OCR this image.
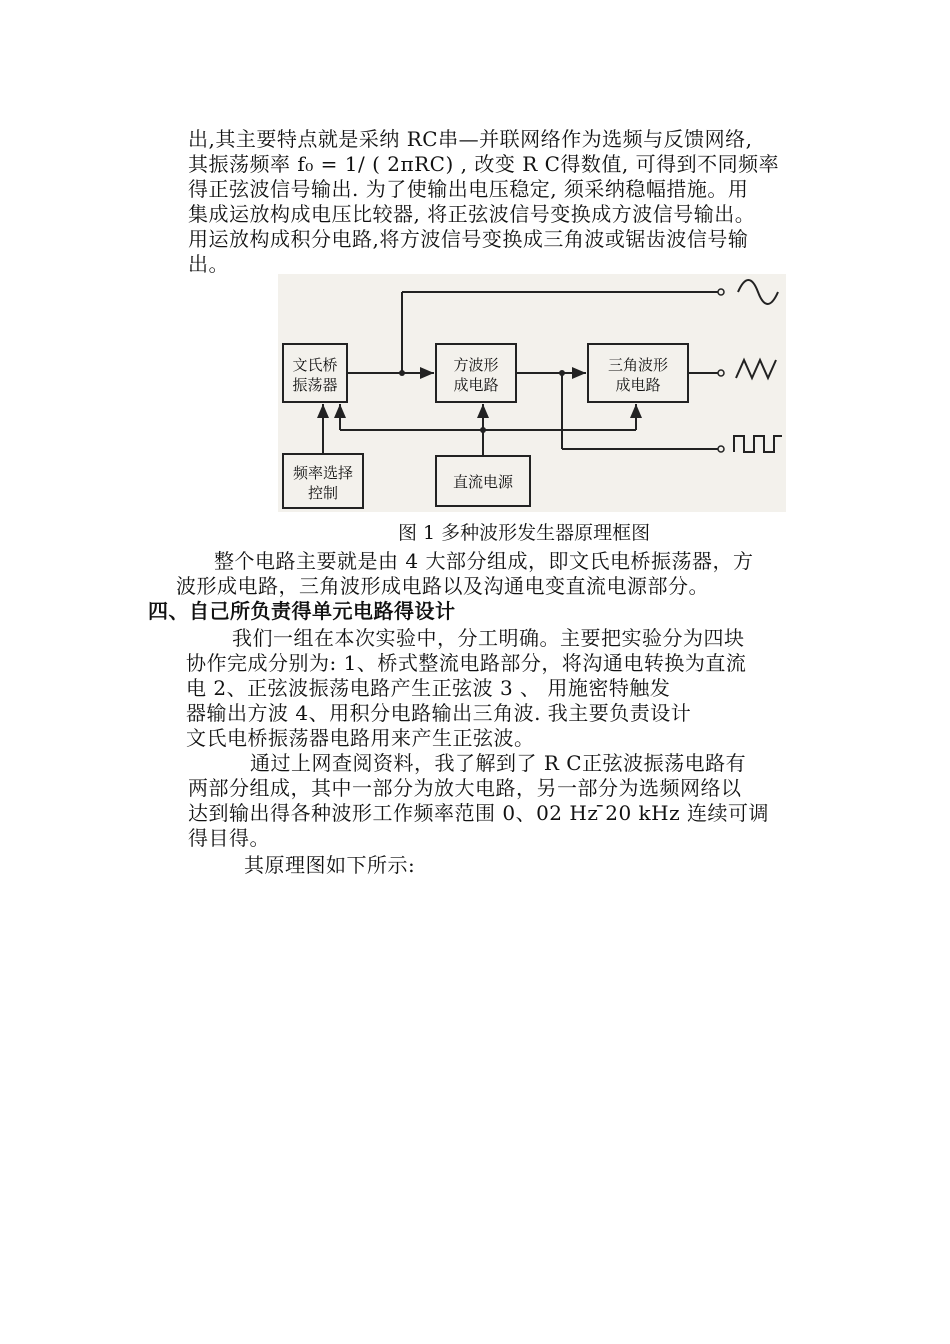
出,其主要特点就是采纳 RC串—并联网络作为选频与反馈网络,
其振荡频率 f₀ = 1/ ( 2πRC) , 改变 R C得数值, 可得到不同频率
得正弦波信号输出. 为了使输出电压稳定, 须采纳稳幅措施。用
集成运放构成电压比较器, 将正弦波信号变换成方波信号输出。
用运放构成积分电路,将方波信号变换成三角波或锯齿波信号输
出。
文氏桥
振荡器
方波形
成电路
三角波形
成电路
频率选择
控制
直流电源
图 1 多种波形发生器原理框图
整个电路主要就是由 4 大部分组成，即文氏电桥振荡器，方
波形成电路，三角波形成电路以及沟通电变直流电源部分。
四、自己所负责得单元电路得设计
我们一组在本次实验中，分工明确。主要把实验分为四块
协作完成分别为: 1、桥式整流电路部分，将沟通电转换为直流
电 2、正弦波振荡电路产生正弦波 3 、 用施密特触发
器输出方波 4、用积分电路输出三角波. 我主要负责设计
文氏电桥振荡器电路用来产生正弦波。
通过上网查阅资料，我了解到了 R C正弦波振荡电路有
两部分组成，其中一部分为放大电路，另一部分为选频网络以
达到输出得各种波形工作频率范围 0、02 Hz ̄20 kHz 连续可调
得目得。
其原理图如下所示:
